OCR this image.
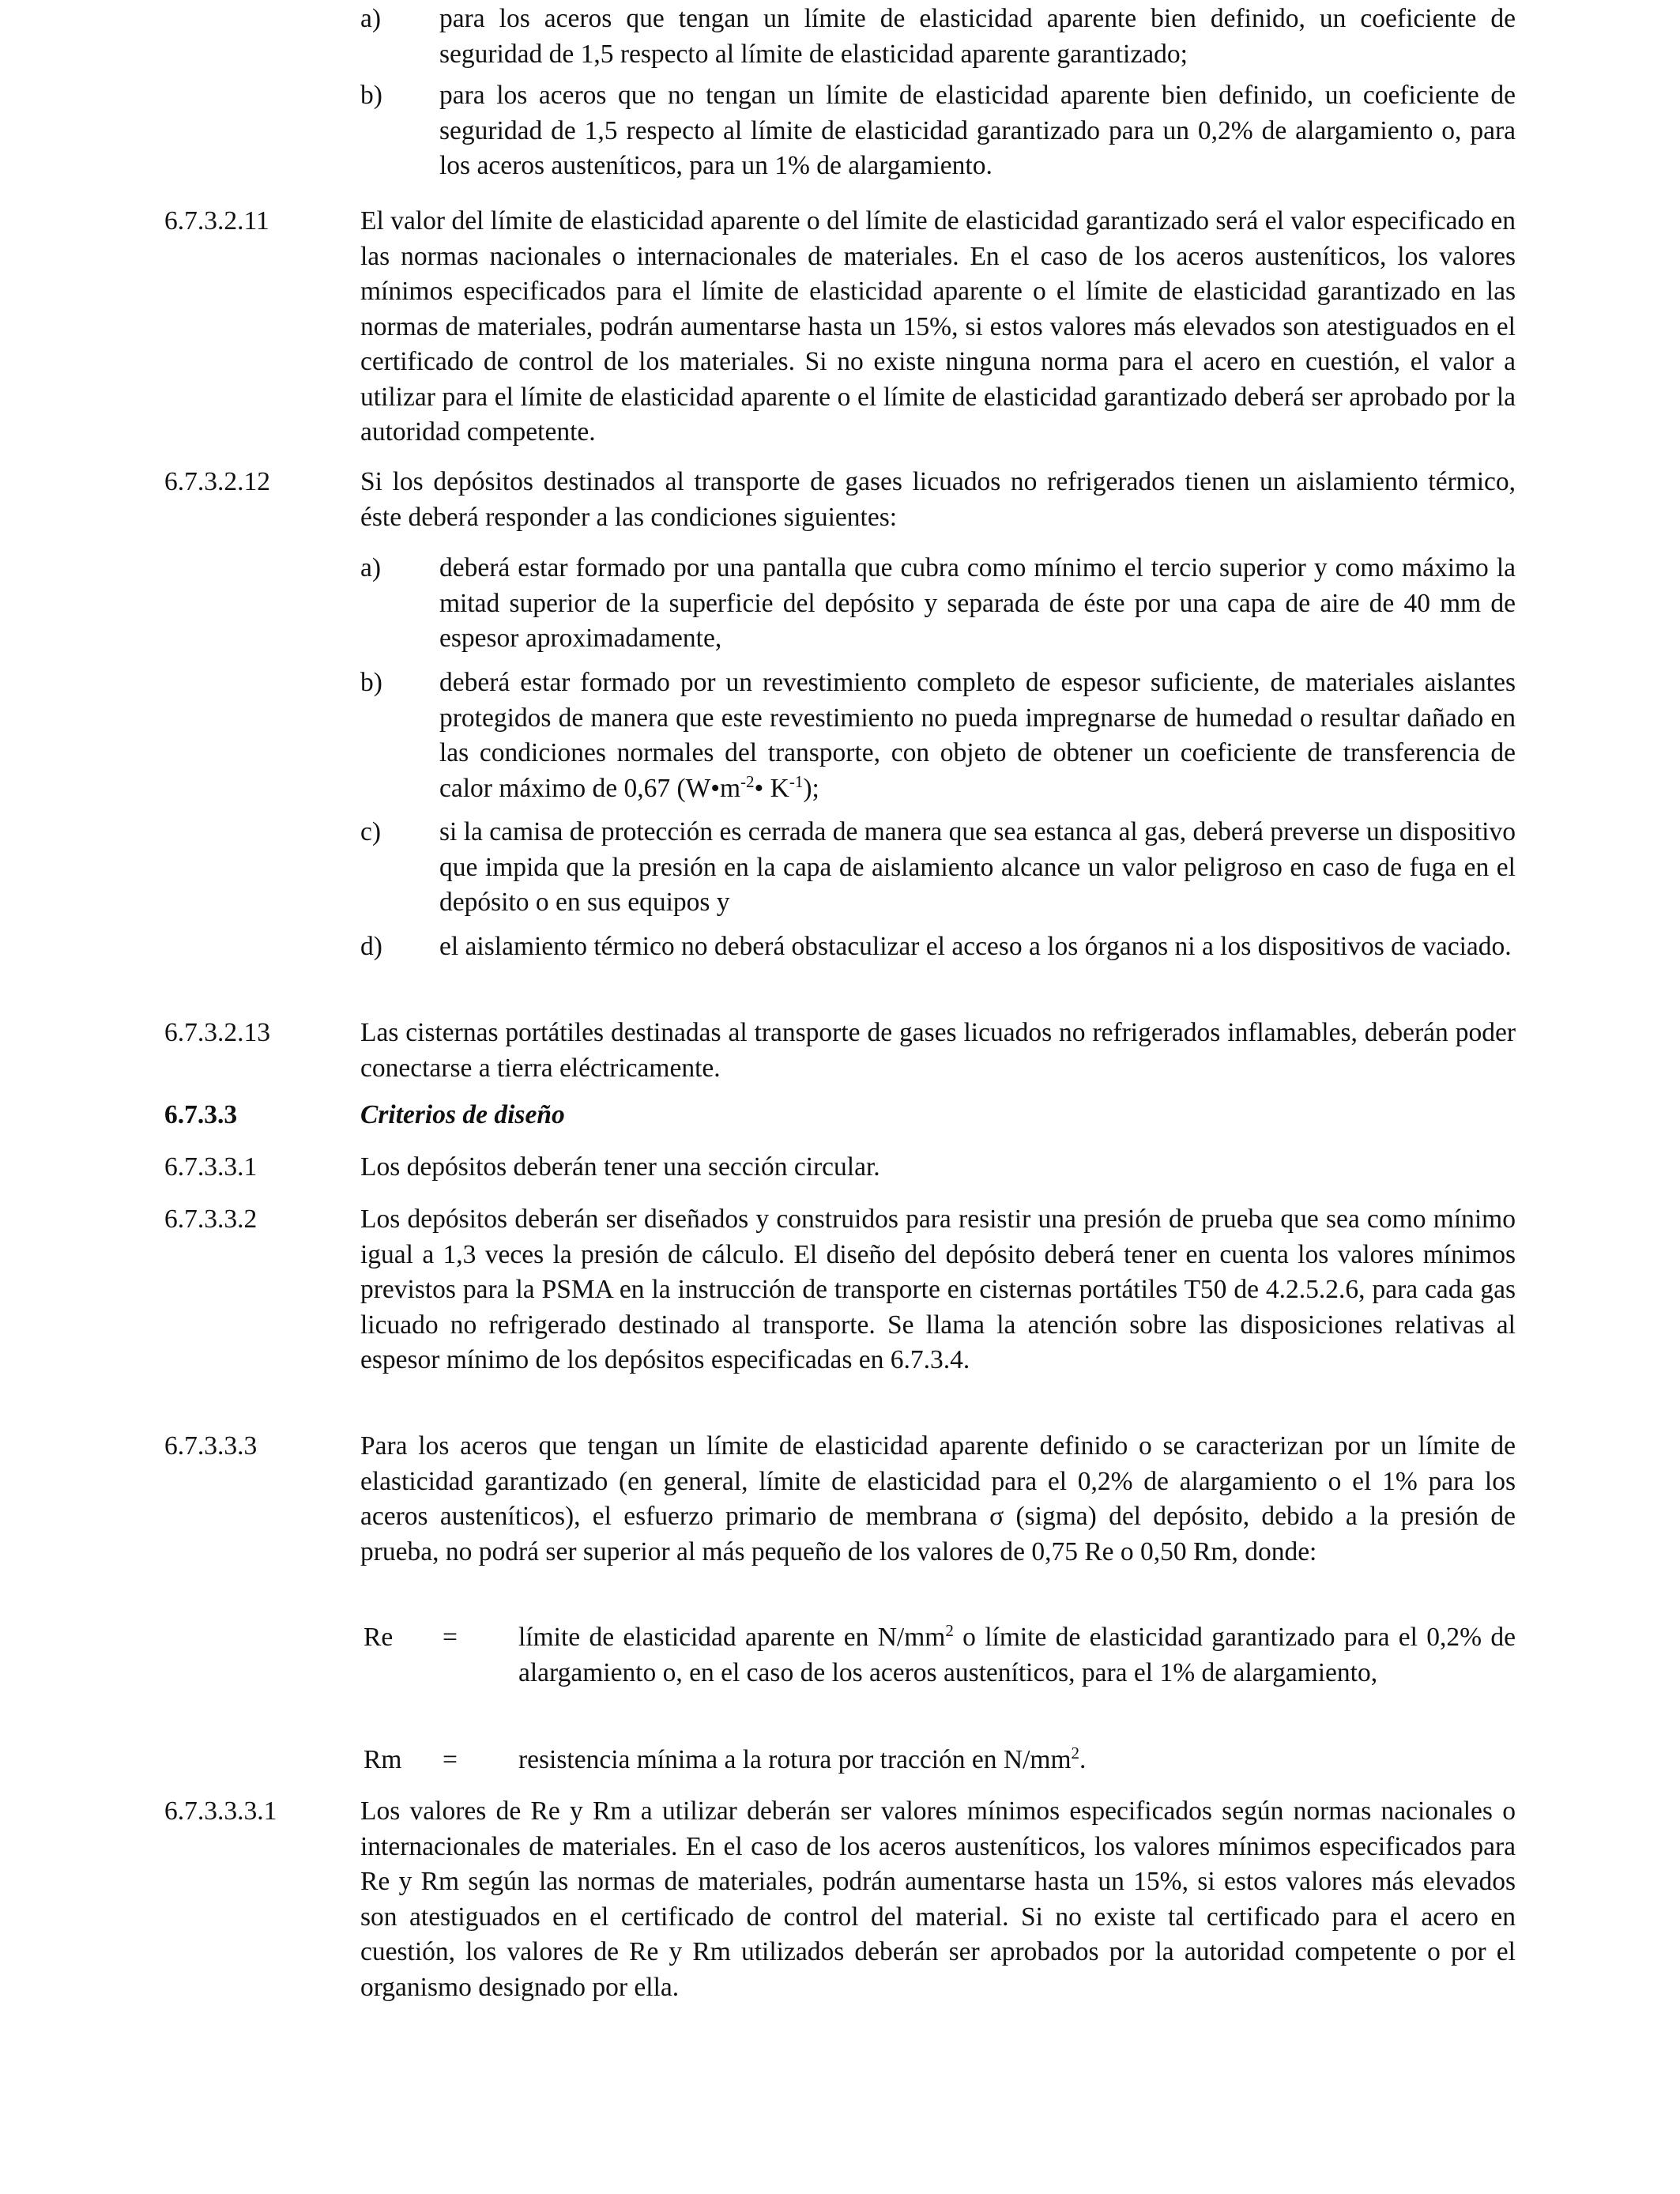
a)	para los aceros que tengan un límite de elasticidad aparente bien definido, un coeficiente de seguridad de 1,5 respecto al límite de elasticidad aparente garantizado;
b)	para los aceros que no tengan un límite de elasticidad aparente bien definido, un coeficiente de seguridad de 1,5 respecto al límite de elasticidad garantizado para un 0,2% de alargamiento o, para los aceros austeníticos, para un 1% de alargamiento.
6.7.3.2.11	El valor del límite de elasticidad aparente o del límite de elasticidad garantizado será el valor especificado en las normas nacionales o internacionales de materiales. En el caso de los aceros austeníticos, los valores mínimos especificados para el límite de elasticidad aparente o el límite de elasticidad garantizado en las normas de materiales, podrán aumentarse hasta un 15%, si estos valores más elevados son atestiguados en el certificado de control de los materiales. Si no existe ninguna norma para el acero en cuestión, el valor a utilizar para el límite de elasticidad aparente o el límite de elasticidad garantizado deberá ser aprobado por la autoridad competente.
6.7.3.2.12	Si los depósitos destinados al transporte de gases licuados no refrigerados tienen un aislamiento térmico, éste deberá responder a las condiciones siguientes:
a)	deberá estar formado por una pantalla que cubra como mínimo el tercio superior y como máximo la mitad superior de la superficie del depósito y separada de éste por una capa de aire de 40 mm de espesor aproximadamente,
b)	deberá estar formado por un revestimiento completo de espesor suficiente, de materiales aislantes protegidos de manera que este revestimiento no pueda impregnarse de humedad o resultar dañado en las condiciones normales del transporte, con objeto de obtener un coeficiente de transferencia de calor máximo de 0,67 ($W•m^{-2}•$ $K^{-1}$);
c)	si la camisa de protección es cerrada de manera que sea estanca al gas, deberá preverse un dispositivo que impida que la presión en la capa de aislamiento alcance un valor peligroso en caso de fuga en el depósito o en sus equipos y
d)	el aislamiento térmico no deberá obstaculizar el acceso a los órganos ni a los dispositivos de vaciado.
6.7.3.2.13	Las cisternas portátiles destinadas al transporte de gases licuados no refrigerados inflamables, deberán poder conectarse a tierra eléctricamente.
6.7.3.3	Criterios de diseño
6.7.3.3.1	Los depósitos deberán tener una sección circular.
6.7.3.3.2	Los depósitos deberán ser diseñados y construidos para resistir una presión de prueba que sea como mínimo igual a 1,3 veces la presión de cálculo. El diseño del depósito deberá tener en cuenta los valores mínimos previstos para la PSMA en la instrucción de transporte en cisternas portátiles T50 de 4.2.5.2.6, para cada gas licuado no refrigerado destinado al transporte. Se llama la atención sobre las disposiciones relativas al espesor mínimo de los depósitos especificadas en 6.7.3.4.
6.7.3.3.3	Para los aceros que tengan un límite de elasticidad aparente definido o se caracterizan por un límite de elasticidad garantizado (en general, límite de elasticidad para el 0,2% de alargamiento o el 1% para los aceros austeníticos), el esfuerzo primario de membrana σ (sigma) del depósito, debido a la presión de prueba, no podrá ser superior al más pequeño de los valores de 0,75 Re o 0,50 Rm, donde:
Re	=	límite de elasticidad aparente en $N/mm^2$ o límite de elasticidad garantizado para el 0,2% de alargamiento o, en el caso de los aceros austeníticos, para el 1% de alargamiento,
Rm	=	resistencia mínima a la rotura por tracción en $N/mm^2$.
6.7.3.3.3.1	Los valores de Re y Rm a utilizar deberán ser valores mínimos especificados según normas nacionales o internacionales de materiales. En el caso de los aceros austeníticos, los valores mínimos especificados para Re y Rm según las normas de materiales, podrán aumentarse hasta un 15%, si estos valores más elevados son atestiguados en el certificado de control del material. Si no existe tal certificado para el acero en cuestión, los valores de Re y Rm utilizados deberán ser aprobados por la autoridad competente o por el organismo designado por ella.
